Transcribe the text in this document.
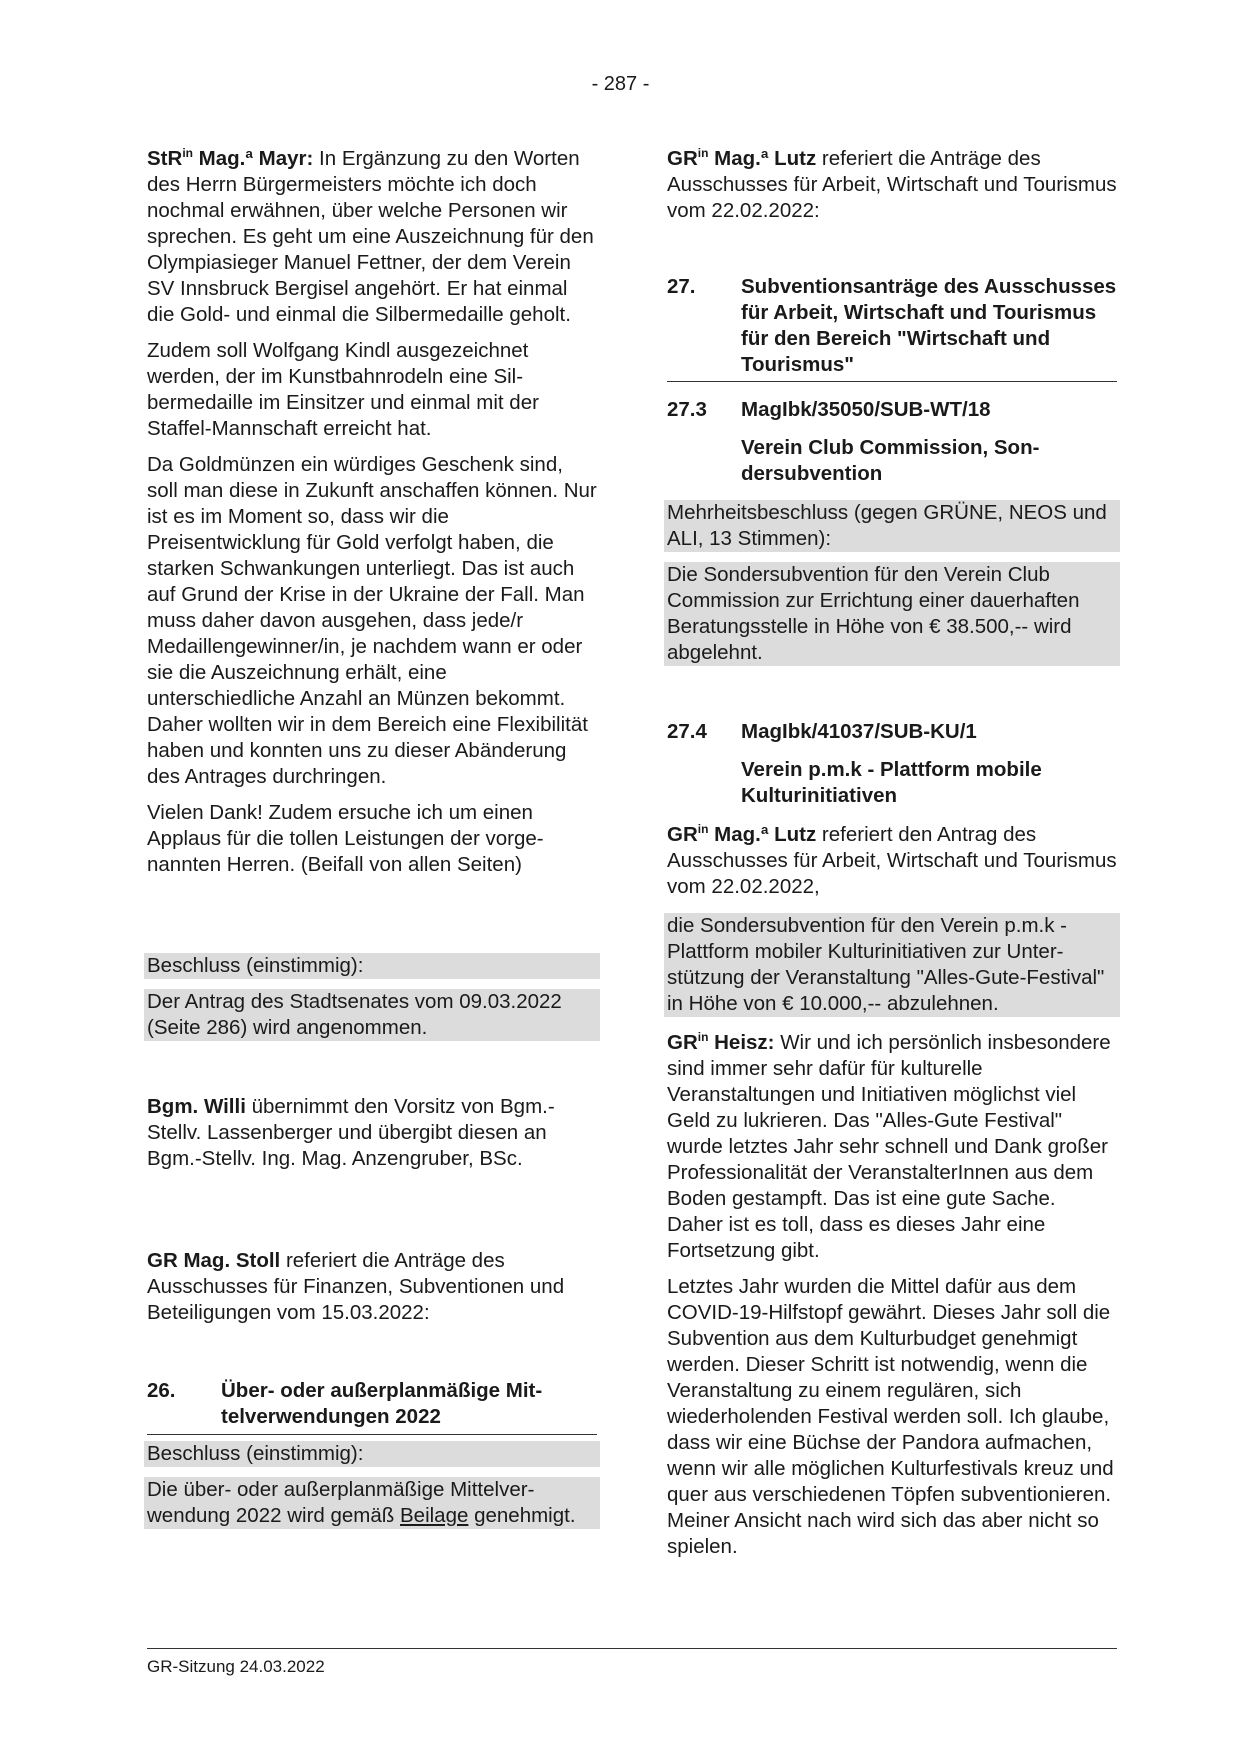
- 287 -

StR$^{in}$ Mag.ª Mayr: In Ergänzung zu den Worten des Herrn Bürgermeisters möchte ich doch nochmal erwähnen, über welche Personen wir sprechen. Es geht um eine Auszeichnung für den Olympiasieger Manuel Fettner, der dem Verein SV Innsbruck Bergisel angehört. Er hat einmal die Gold- und einmal die Silbermedaille geholt.

Zudem soll Wolfgang Kindl ausgezeichnet werden, der im Kunstbahnrodeln eine Silbermedaille im Einsitzer und einmal mit der Staffel-Mannschaft erreicht hat.

Da Goldmünzen ein würdiges Geschenk sind, soll man diese in Zukunft anschaffen können. Nur ist es im Moment so, dass wir die Preisentwicklung für Gold verfolgt haben, die starken Schwankungen unterliegt. Das ist auch auf Grund der Krise in der Ukraine der Fall. Man muss daher davon ausgehen, dass jede/r Medaillengewinner/in, je nachdem wann er oder sie die Auszeichnung erhält, eine unterschiedliche Anzahl an Münzen bekommt. Daher wollten wir in dem Bereich eine Flexibilität haben und konnten uns zu dieser Abänderung des Antrages durchringen.

Vielen Dank! Zudem ersuche ich um einen Applaus für die tollen Leistungen der vorgenannten Herren. (Beifall von allen Seiten)

Beschluss (einstimmig):

Der Antrag des Stadtsenates vom 09.03.2022 (Seite 286) wird angenommen.

Bgm. Willi übernimmt den Vorsitz von Bgm.-Stellv. Lassenberger und übergibt diesen an Bgm.-Stellv. Ing. Mag. Anzengruber, BSc.

GR Mag. Stoll referiert die Anträge des Ausschusses für Finanzen, Subventionen und Beteiligungen vom 15.03.2022:

26.	Über- oder außerplanmäßige Mittelverwendungen 2022

Beschluss (einstimmig):

Die über- oder außerplanmäßige Mittelverwendung 2022 wird gemäß Beilage genehmigt.

$GR^{in}$ Mag.ª Lutz referiert die Anträge des Ausschusses für Arbeit, Wirtschaft und Tourismus vom 22.02.2022:

27.	Subventionsanträge des Ausschusses für Arbeit, Wirtschaft und Tourismus für den Bereich "Wirtschaft und Tourismus"
27.3	MagIbk/35050/SUB-WT/18
Verein Club Commission, Sondersubvention

Mehrheitsbeschluss (gegen GRÜNE, NEOS und ALI, 13 Stimmen):

Die Sondersubvention für den Verein Club Commission zur Errichtung einer dauerhaften Beratungsstelle in Höhe von € 38.500,-- wird abgelehnt.

27.4	MagIbk/41037/SUB-KU/1
Verein p.m.k - Plattform mobile Kulturinitiativen

$GR^{in}$ Mag.ª Lutz referiert den Antrag des Ausschusses für Arbeit, Wirtschaft und Tourismus vom 22.02.2022,

die Sondersubvention für den Verein p.m.k - Plattform mobiler Kulturinitiativen zur Unterstützung der Veranstaltung "Alles-Gute-Festival" in Höhe von € 10.000,-- abzulehnen.

$GR^{in}$ Heisz: Wir und ich persönlich insbesondere sind immer sehr dafür für kulturelle Veranstaltungen und Initiativen möglichst viel Geld zu lukrieren. Das "Alles-Gute Festival" wurde letztes Jahr sehr schnell und Dank großer Professionalität der VeranstalterInnen aus dem Boden gestampft. Das ist eine gute Sache. Daher ist es toll, dass es dieses Jahr eine Fortsetzung gibt.

Letztes Jahr wurden die Mittel dafür aus dem COVID-19-Hilfstopf gewährt. Dieses Jahr soll die Subvention aus dem Kulturbudget genehmigt werden. Dieser Schritt ist notwendig, wenn die Veranstaltung zu einem regulären, sich wiederholenden Festival werden soll. Ich glaube, dass wir eine Büchse der Pandora aufmachen, wenn wir alle möglichen Kulturfestivals kreuz und quer aus verschiedenen Töpfen subventionieren. Meiner Ansicht nach wird sich das aber nicht so spielen.

GR-Sitzung 24.03.2022
